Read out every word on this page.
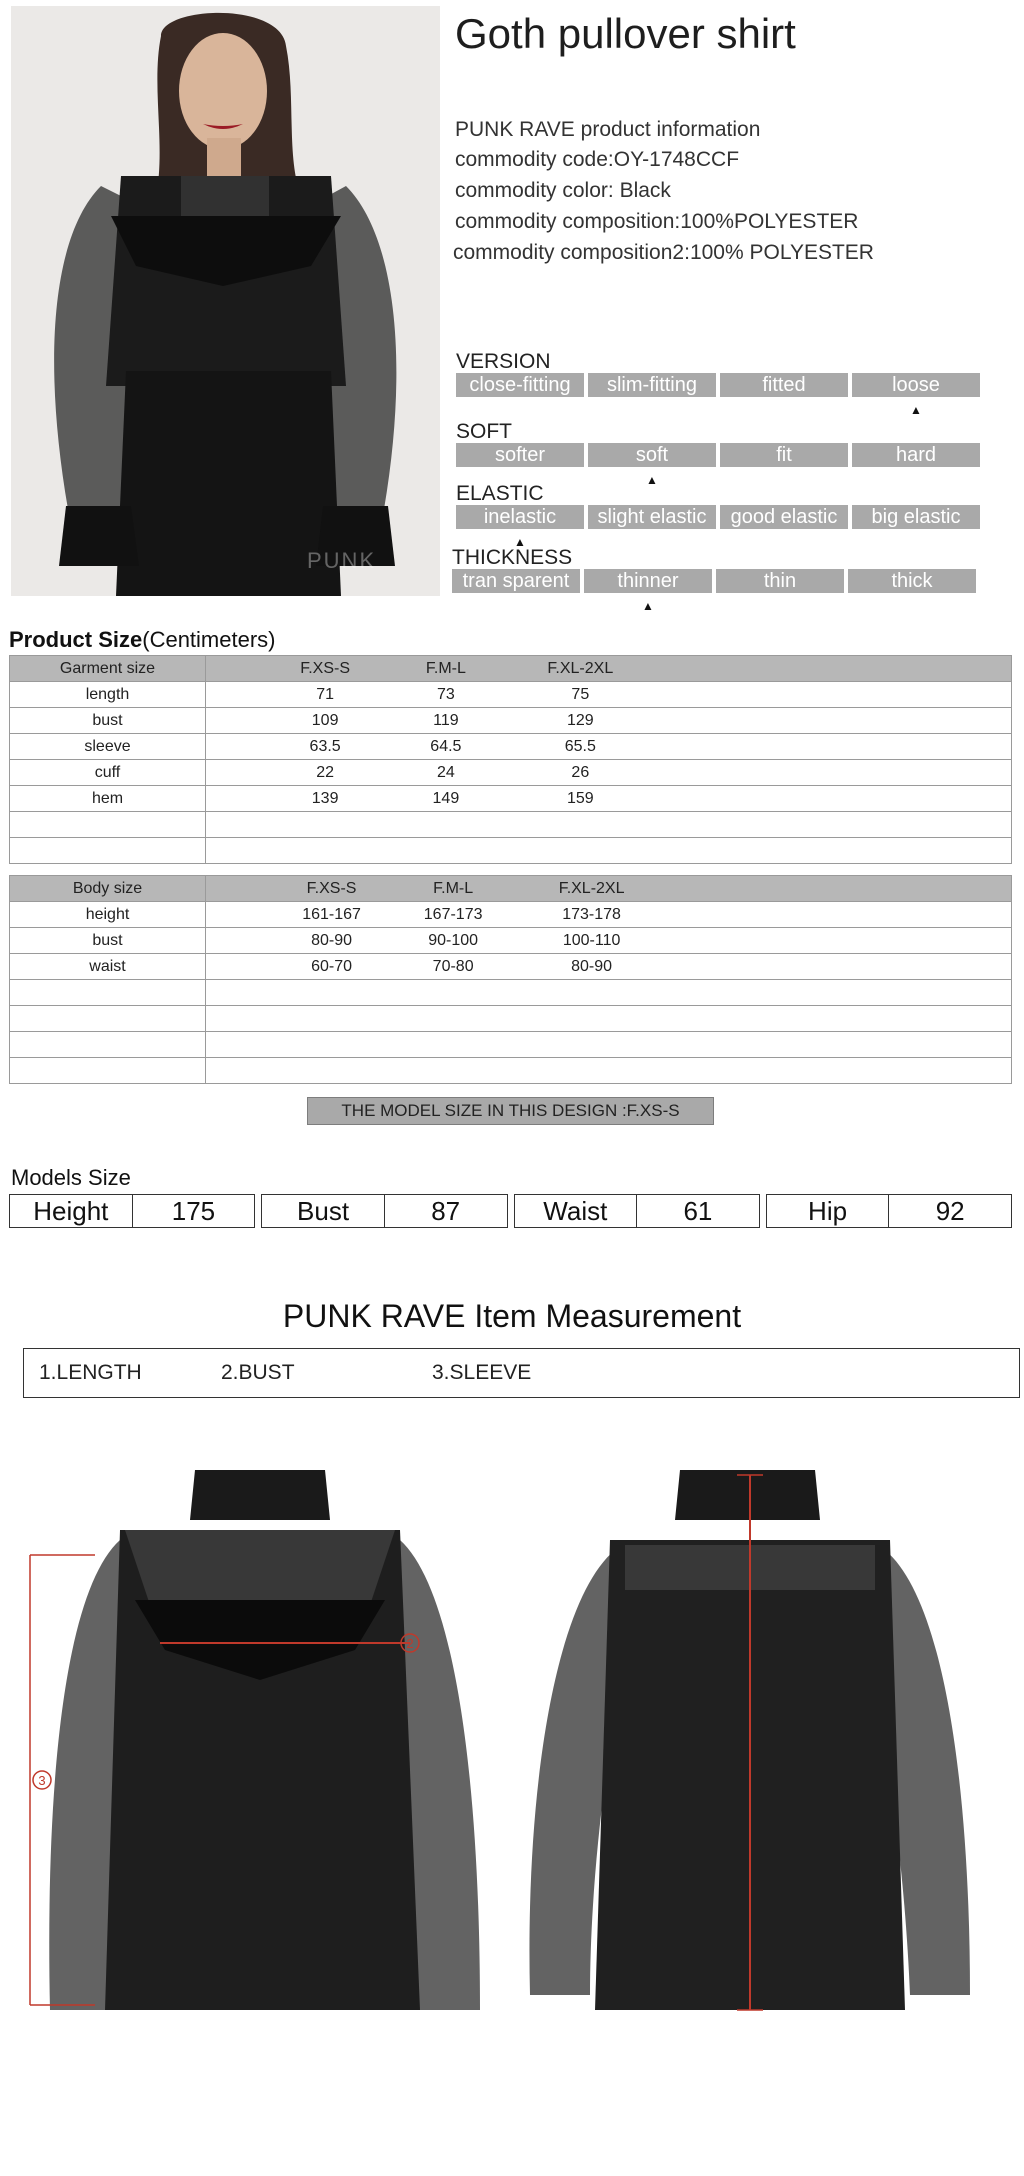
PUNK
Goth pullover shirt
PUNK RAVE product information
commodity code:OY-1748CCF
commodity color: Black
commodity composition:100%POLYESTER
commodity composition2:100% POLYESTER
VERSION
close-fitting	slim-fitting	fitted	loose
▲
SOFT
softer	soft
▲
fit	hard
ELASTIC
inelastic
▲
slight elastic	good elastic	big elastic
THICKNESS
tran sparent	thinner
▲
thin	thick
Product Size(Centimeters)
Garment size	F.XS-S F.M-L F.XL-2XL

length	71 73 75

bust	109 119 129

sleeve	63.5 64.5 65.5

cuff	22 24 26

hem	139 149 159

Body size	F.XS-S F.M-L F.XL-2XL

height	161-167 167-173 173-178

bust	80-90 90-100 100-110

waist	60-70 70-80 80-90

THE MODEL SIZE IN THIS DESIGN :F.XS-S
Models Size
Height	175	Bust	87	Waist	61	Hip	92
PUNK RAVE Item Measurement
1.LENGTH	2.BUST	3.SLEEVE
2
3
